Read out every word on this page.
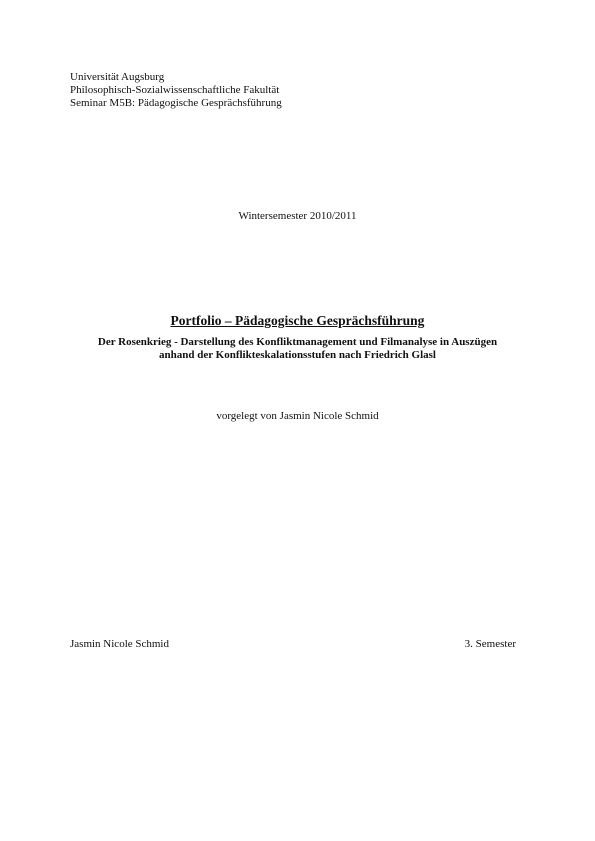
Universität Augsburg
Philosophisch-Sozialwissenschaftliche Fakultät
Seminar M5B: Pädagogische Gesprächsführung
Wintersemester 2010/2011
Portfolio – Pädagogische Gesprächsführung
Der Rosenkrieg - Darstellung des Konfliktmanagement und Filmanalyse in Auszügen
anhand der Konflikteskalationsstufen nach Friedrich Glasl
vorgelegt von Jasmin Nicole Schmid
Jasmin Nicole Schmid	3. Semester
